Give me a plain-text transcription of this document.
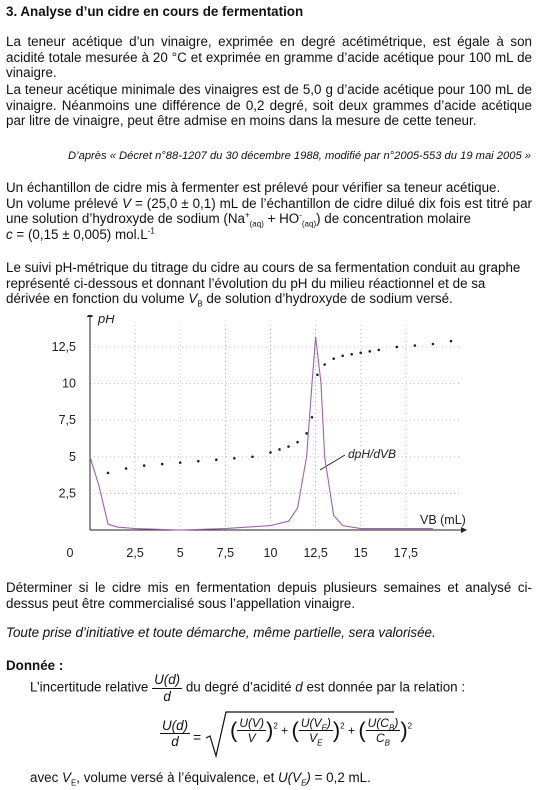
3. Analyse d’un cidre en cours de fermentation
La teneur acétique d’un vinaigre, exprimée en degré acétimétrique, est égale à son acidité totale mesurée à 20 °C et exprimée en gramme d’acide acétique pour 100 mL de vinaigre.
La teneur acétique minimale des vinaigres est de 5,0 g d’acide acétique pour 100 mL de vinaigre. Néanmoins une différence de 0,2 degré, soit deux grammes d’acide acétique par litre de vinaigre, peut être admise en moins dans la mesure de cette teneur.
D’après « Décret n°88-1207 du 30 décembre 1988, modifié par n°2005-553 du 19 mai 2005 »
Un échantillon de cidre mis à fermenter est prélevé pour vérifier sa teneur acétique.
Un volume prélevé V = (25,0 ± 0,1) mL de l’échantillon de cidre dilué dix fois est titré par une solution d’hydroxyde de sodium $(Na^+_{(aq)} + HO^-_{(aq)})$ de concentration molaire
c = (0,15 ± 0,005) $mol.L^{-1}$
Le suivi pH-métrique du titrage du cidre au cours de sa fermentation conduit au graphe représenté ci-dessous et donnant l’évolution du pH du milieu réactionnel et de sa dérivée en fonction du volume $V_B$ de solution d’hydroxyde de sodium versé.
0	2,5	5	7,5 10 12,5 15 17,5
2,5
5
7,5
10
12,5
pH
VB (mL)
dpH/dVB
Déterminer si le cidre mis en fermentation depuis plusieurs semaines et analysé ci-dessus peut être commercialisé sous l’appellation vinaigre.
Toute prise d’initiative et toute démarche, même partielle, sera valorisée.
Donnée :
L’incertitude relative $\frac{U(d)}{d}$ du degré d’acidité d est donnée par la relation :
$\frac{U(d)}{d}$ = ( $\frac{U(V)}{V} )^2$ + ( $\frac{U(V_E)}{V_E} )^2$ + ( $\frac{U(C_B)}{C_B} )^2$
avec $V_E$, volume versé à l’équivalence, et $U(V_E) = 0,2$ mL.
